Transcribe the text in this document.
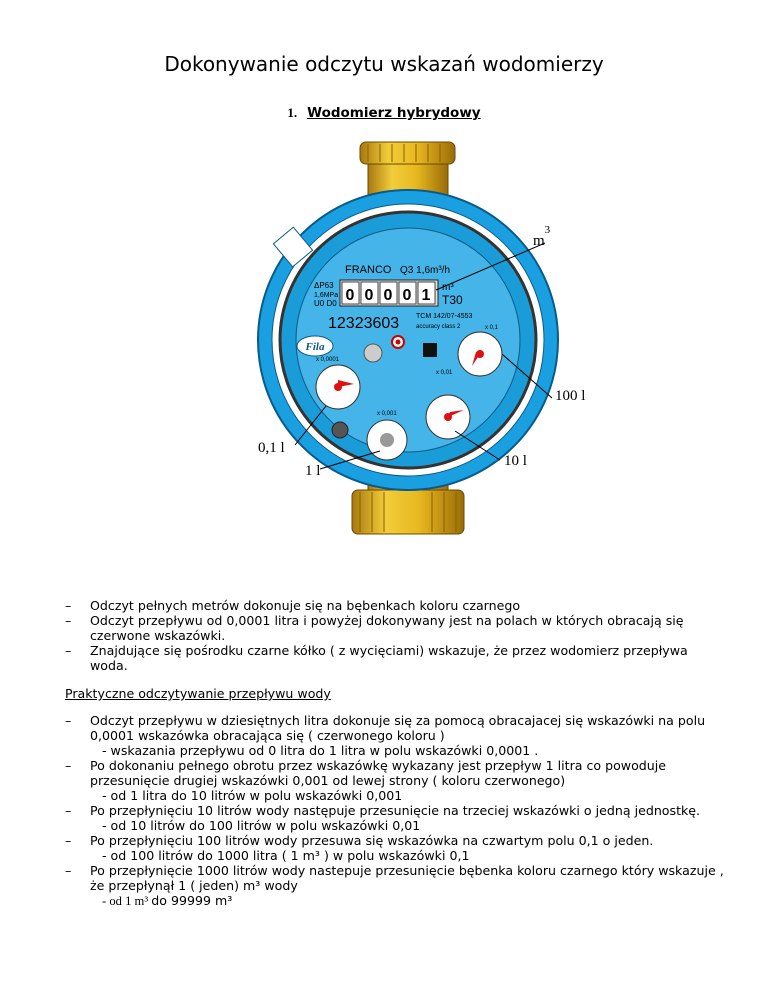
Dokonywanie odczytu wskazań wodomierzy
1. Wodomierz hybrydowy
FRANCO Q3 1,6m³/h
ΔP63
1,6MPa
U0 D0 0 0 0 0 1 m³
T30
12323603 TCM 142/07-4553
accuracy class 2
Fila
x 0,0001
x 0,001
x 0,01
x 0,1
$m^3$
100 l
0,1 l
1 l
10 l
– Odczyt pełnych metrów dokonuje się na bębenkach koloru czarnego
– Odczyt przepływu od 0,0001 litra i powyżej dokonywany jest na polach w których obracają się czerwone wskazówki.
– Znajdujące się pośrodku czarne kółko ( z wycięciami) wskazuje, że przez wodomierz przepływa woda.
Praktyczne odczytywanie przepływu wody
– Odczyt przepływu w dziesiętnych litra dokonuje się za pomocą obracajacej się wskazówki na polu 0,0001 wskazówka obracająca się ( czerwonego koloru )
- wskazania przepływu od 0 litra do 1 litra w polu wskazówki 0,0001 .
– Po dokonaniu pełnego obrotu przez wskazówkę wykazany jest przepływ 1 litra co powoduje przesunięcie drugiej wskazówki 0,001 od lewej strony ( koloru czerwonego)
- od 1 litra do 10 litrów w polu wskazówki 0,001
– Po przepłynięciu 10 litrów wody następuje przesunięcie na trzeciej wskazówki o jedną jednostkę.
- od 10 litrów do 100 litrów w polu wskazówki 0,01
– Po przepłynięciu 100 litrów wody przesuwa się wskazówka na czwartym polu 0,1 o jeden.
- od 100 litrów do 1000 litra ( 1 m³ ) w polu wskazówki 0,1
– Po przepłynięcie 1000 litrów wody nastepuje przesunięcie bębenka koloru czarnego który wskazuje , że przepłynął 1 ( jeden) m³ wody
- od 1 m³ do 99999 m³
